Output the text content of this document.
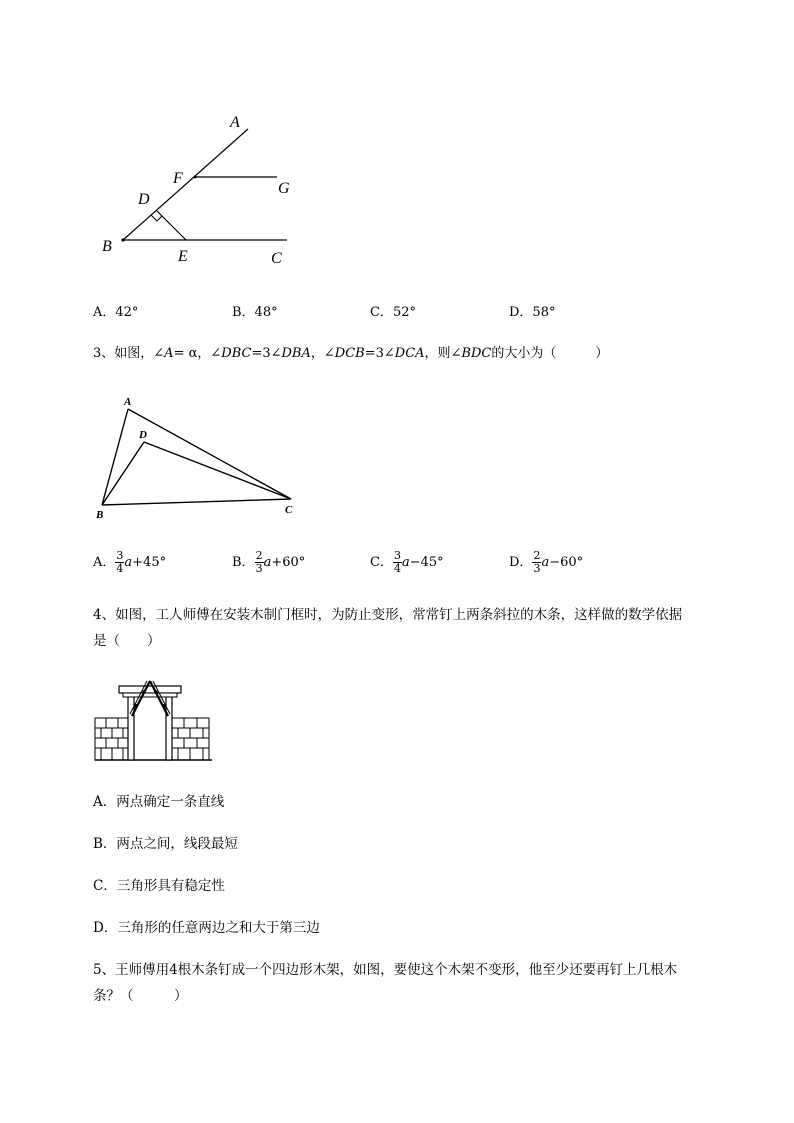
A
F
G
D
B
E	C
A．42°	B．48°	C．52°	D．58°
3、如图，∠A= α，∠DBC=3∠DBA，∠DCB=3∠DCA，则∠BDC的大小为（　　　）
A
D
B	C
A． $\frac{3}{4} a+45^\circ$	B． $\frac{2}{3} a+60^\circ$	C． $\frac{3}{4} a-45^\circ$	D． $\frac{2}{3} a-60^\circ$
4、如图，工人师傅在安装木制门框时，为防止变形，常常钉上两条斜拉的木条，这样做的数学依据
是（　　）
A．两点确定一条直线
B．两点之间，线段最短
C．三角形具有稳定性
D．三角形的任意两边之和大于第三边
5、王师傅用4根木条钉成一个四边形木架，如图，要使这个木架不变形，他至少还要再钉上几根木
条？（　　　）
